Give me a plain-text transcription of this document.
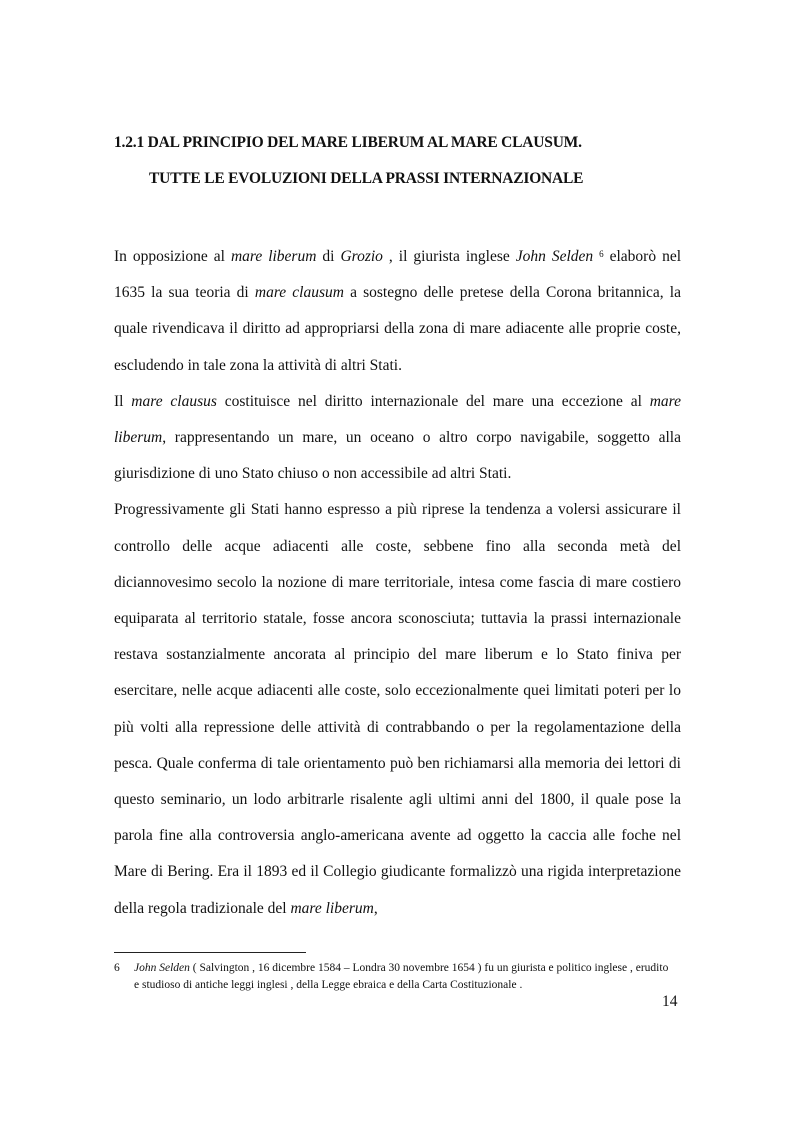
1.2.1 DAL PRINCIPIO DEL MARE LIBERUM AL MARE CLAUSUM.
TUTTE LE EVOLUZIONI DELLA PRASSI INTERNAZIONALE

In opposizione al mare liberum di Grozio , il giurista inglese John Selden $^6$ elaborò nel 1635 la sua teoria di mare clausum a sostegno delle pretese della Corona britannica, la quale rivendicava il diritto ad appropriarsi della zona di mare adiacente alle proprie coste, escludendo in tale zona la attività di altri Stati.

Il mare clausus costituisce nel diritto internazionale del mare una eccezione al mare liberum, rappresentando un mare, un oceano o altro corpo navigabile, soggetto alla giurisdizione di uno Stato chiuso o non accessibile ad altri Stati.

Progressivamente gli Stati hanno espresso a più riprese la tendenza a volersi assicurare il controllo delle acque adiacenti alle coste, sebbene fino alla seconda metà del diciannovesimo secolo la nozione di mare territoriale, intesa come fascia di mare costiero equiparata al territorio statale, fosse ancora sconosciuta; tuttavia la prassi internazionale restava sostanzialmente ancorata al principio del mare liberum e lo Stato finiva per esercitare, nelle acque adiacenti alle coste, solo eccezionalmente quei limitati poteri per lo più volti alla repressione delle attività di contrabbando o per la regolamentazione della pesca. Quale conferma di tale orientamento può ben richiamarsi alla memoria dei lettori di questo seminario, un lodo arbitrarle risalente agli ultimi anni del 1800, il quale pose la parola fine alla controversia anglo-americana avente ad oggetto la caccia alle foche nel Mare di Bering. Era il 1893 ed il Collegio giudicante formalizzò una rigida interpretazione della regola tradizionale del mare liberum,

6 John Selden ( Salvington , 16 dicembre 1584 – Londra 30 novembre 1654 ) fu un giurista e politico inglese , erudito e studioso di antiche leggi inglesi , della Legge ebraica e della Carta Costituzionale .
14
